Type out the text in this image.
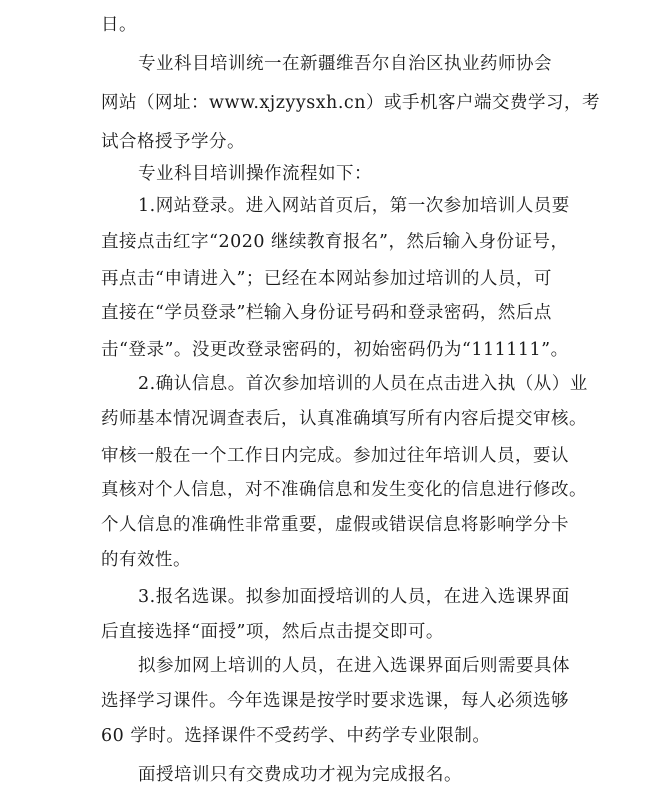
日。
专业科目培训统一在新疆维吾尔自治区执业药师协会
网站（网址：www.xjzyysxh.cn）或手机客户端交费学习，考
试合格授予学分。
专业科目培训操作流程如下：
1.网站登录。进入网站首页后，第一次参加培训人员要
直接点击红字“2020 继续教育报名”，然后输入身份证号，
再点击“申请进入”；已经在本网站参加过培训的人员，可
直接在“学员登录”栏输入身份证号码和登录密码，然后点
击“登录”。没更改登录密码的，初始密码仍为“111111”。
2.确认信息。首次参加培训的人员在点击进入执（从）业
药师基本情况调查表后，认真准确填写所有内容后提交审核。
审核一般在一个工作日内完成。参加过往年培训人员，要认
真核对个人信息，对不准确信息和发生变化的信息进行修改。
个人信息的准确性非常重要，虚假或错误信息将影响学分卡
的有效性。
3.报名选课。拟参加面授培训的人员，在进入选课界面
后直接选择“面授”项，然后点击提交即可。
拟参加网上培训的人员，在进入选课界面后则需要具体
选择学习课件。今年选课是按学时要求选课，每人必须选够
60 学时。选择课件不受药学、中药学专业限制。
面授培训只有交费成功才视为完成报名。
